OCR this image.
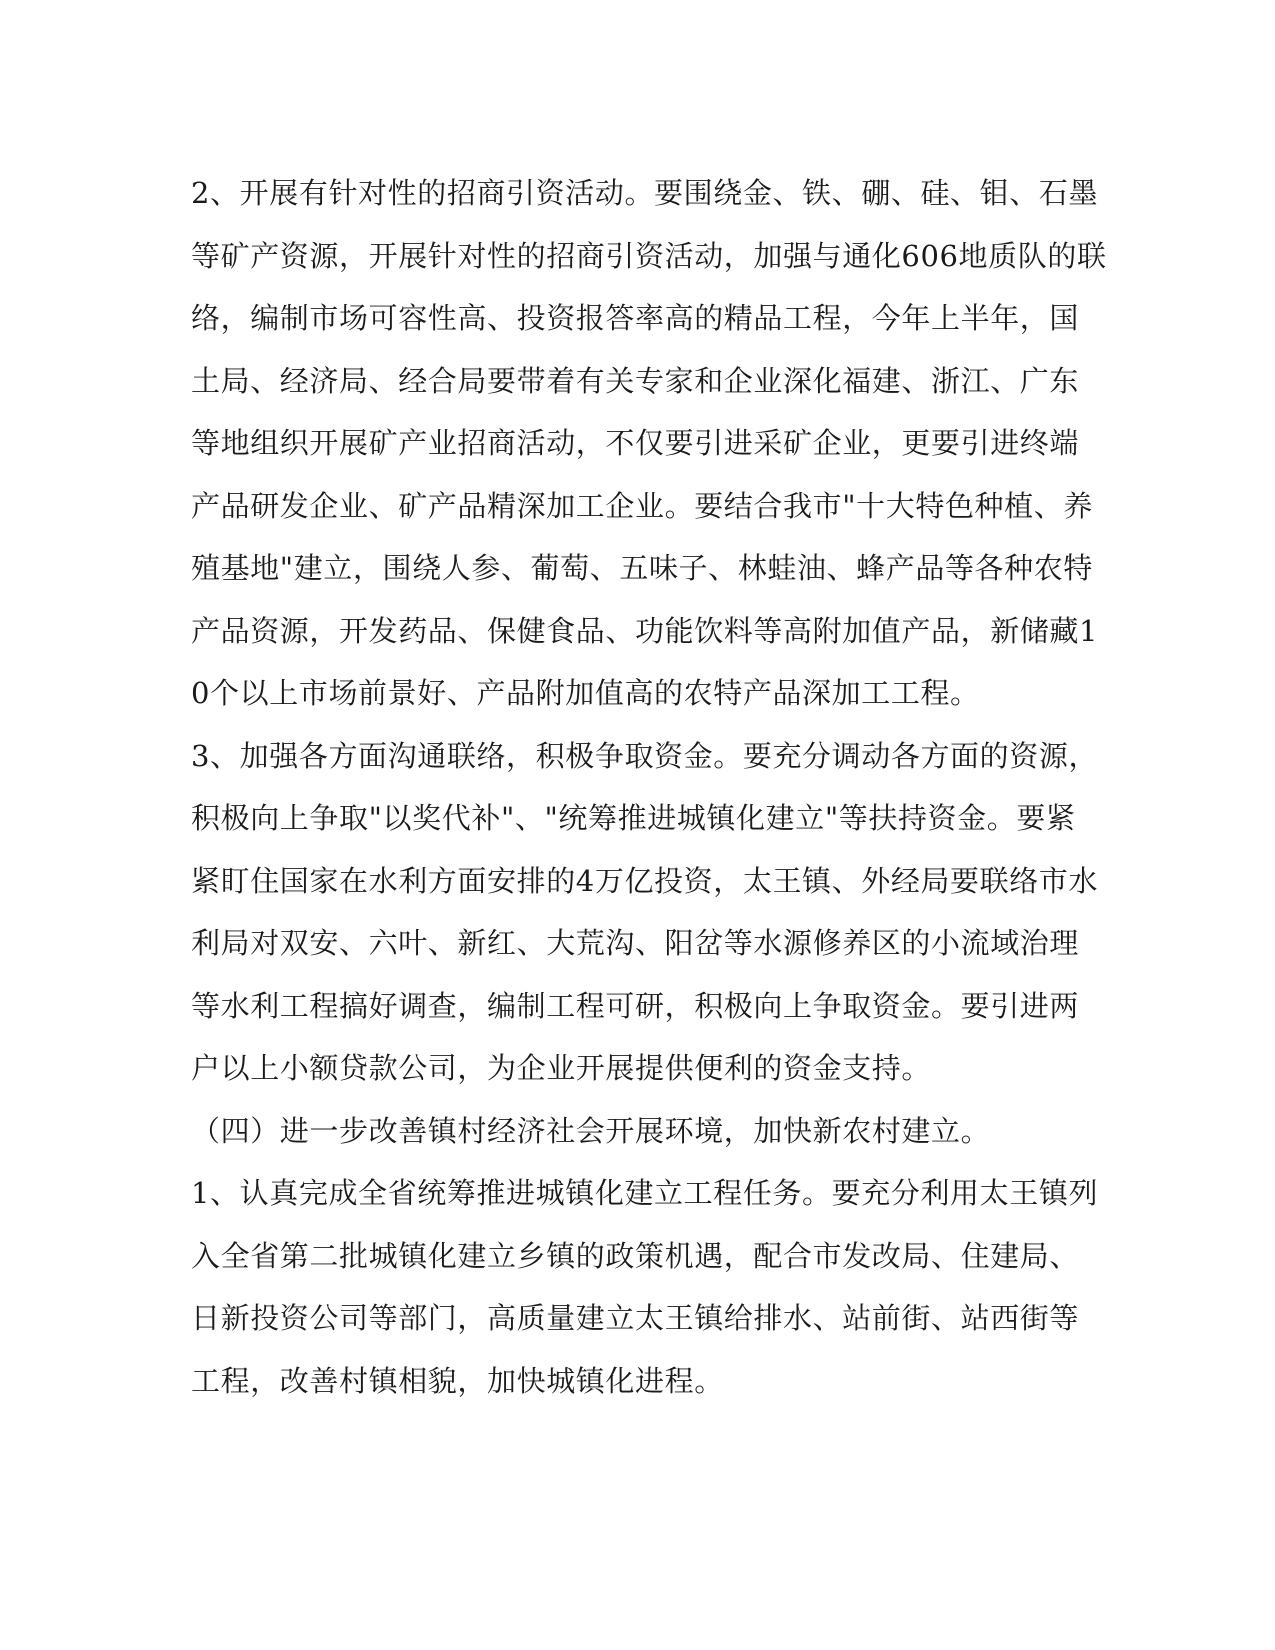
2、开展有针对性的招商引资活动。要围绕金、铁、硼、硅、钼、石墨
等矿产资源，开展针对性的招商引资活动，加强与通化606地质队的联
络，编制市场可容性高、投资报答率高的精品工程，今年上半年，国
土局、经济局、经合局要带着有关专家和企业深化福建、浙江、广东
等地组织开展矿产业招商活动，不仅要引进采矿企业，更要引进终端
产品研发企业、矿产品精深加工企业。要结合我市"十大特色种植、养
殖基地"建立，围绕人参、葡萄、五味子、林蛙油、蜂产品等各种农特
产品资源，开发药品、保健食品、功能饮料等高附加值产品，新储藏1
0个以上市场前景好、产品附加值高的农特产品深加工工程。
3、加强各方面沟通联络，积极争取资金。要充分调动各方面的资源，
积极向上争取"以奖代补"、"统筹推进城镇化建立"等扶持资金。要紧
紧盯住国家在水利方面安排的4万亿投资，太王镇、外经局要联络市水
利局对双安、六叶、新红、大荒沟、阳岔等水源修养区的小流域治理
等水利工程搞好调查，编制工程可研，积极向上争取资金。要引进两
户以上小额贷款公司，为企业开展提供便利的资金支持。
（四）进一步改善镇村经济社会开展环境，加快新农村建立。
1、认真完成全省统筹推进城镇化建立工程任务。要充分利用太王镇列
入全省第二批城镇化建立乡镇的政策机遇，配合市发改局、住建局、
日新投资公司等部门，高质量建立太王镇给排水、站前街、站西街等
工程，改善村镇相貌，加快城镇化进程。
